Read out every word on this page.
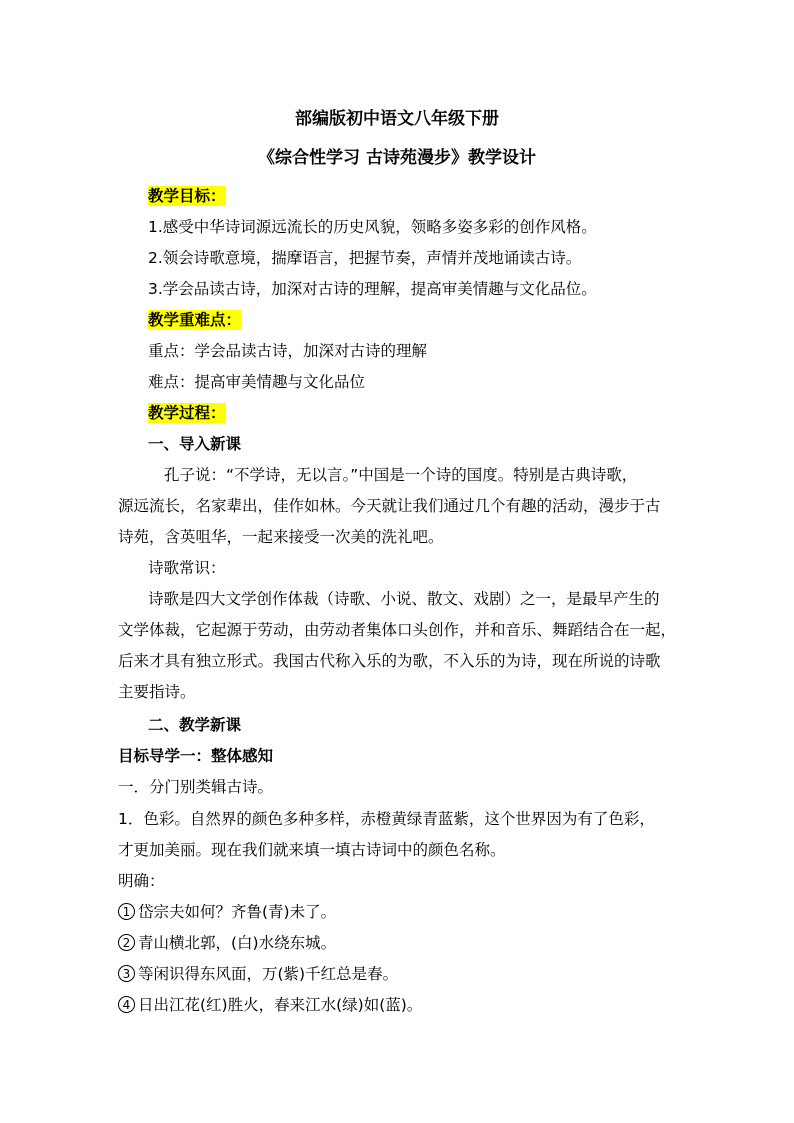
部编版初中语文八年级下册
《综合性学习 古诗苑漫步》教学设计
教学目标：
1.感受中华诗词源远流长的历史风貌，领略多姿多彩的创作风格。
2.领会诗歌意境，揣摩语言，把握节奏，声情并茂地诵读古诗。
3.学会品读古诗，加深对古诗的理解，提高审美情趣与文化品位。
教学重难点：
重点：学会品读古诗，加深对古诗的理解
难点：提高审美情趣与文化品位
教学过程：
一、导入新课
孔子说：“不学诗，无以言。”中国是一个诗的国度。特别是古典诗歌，
源远流长，名家辈出，佳作如林。今天就让我们通过几个有趣的活动，漫步于古
诗苑，含英咀华，一起来接受一次美的洗礼吧。
诗歌常识：
诗歌是四大文学创作体裁（诗歌、小说、散文、戏剧）之一，是最早产生的
文学体裁，它起源于劳动，由劳动者集体口头创作，并和音乐、舞蹈结合在一起，
后来才具有独立形式。我国古代称入乐的为歌，不入乐的为诗，现在所说的诗歌
主要指诗。
二、教学新课
目标导学一：整体感知
一．分门别类辑古诗。
1．色彩。自然界的颜色多种多样，赤橙黄绿青蓝紫，这个世界因为有了色彩，
才更加美丽。现在我们就来填一填古诗词中的颜色名称。
明确：
1 岱宗夫如何？齐鲁(青)未了。
2 青山横北郭，(白)水绕东城。
3 等闲识得东风面，万(紫)千红总是春。
4 日出江花(红)胜火，春来江水(绿)如(蓝)。
